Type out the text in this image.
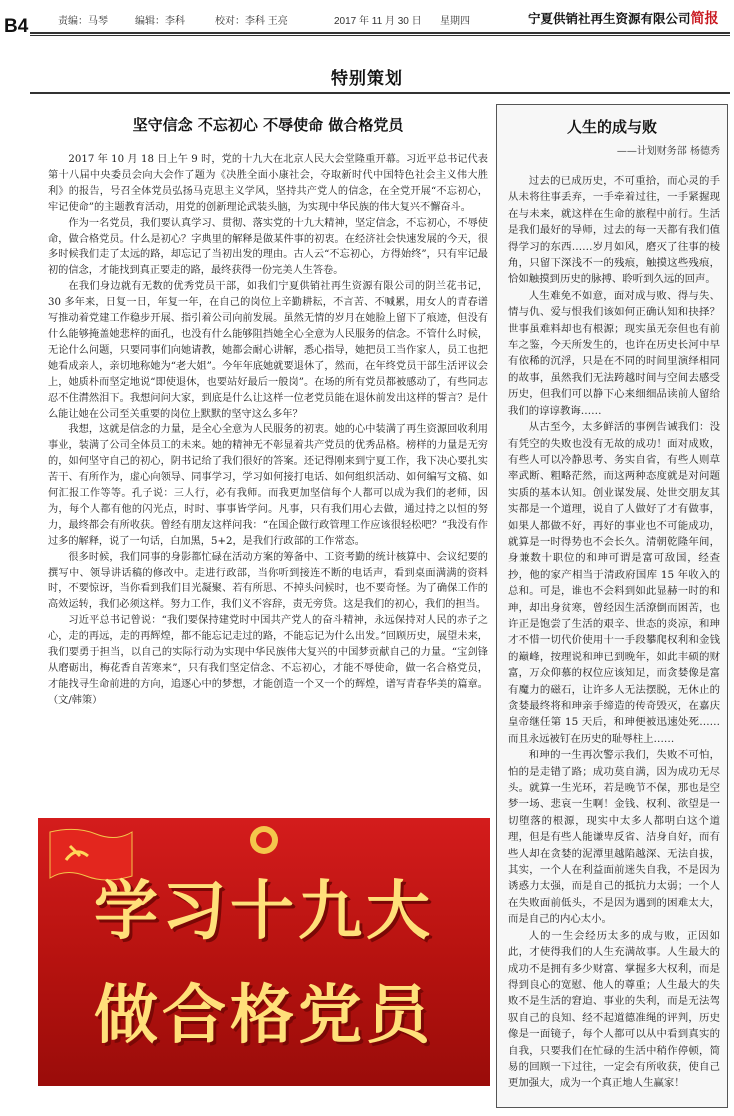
B4	责编：马琴	编辑：李科	校对：李科 王亮	2017 年 11 月 30 日 星期四	宁夏供销社再生资源有限公司简报
特别策划
坚守信念 不忘初心 不辱使命 做合格党员

2017 年 10 月 18 日上午 9 时，党的十九大在北京人民大会堂隆重开幕。习近平总书记代表第十八届中央委员会向大会作了题为《决胜全面小康社会，夺取新时代中国特色社会主义伟大胜利》的报告，号召全体党员弘扬马克思主义学风，坚持共产党人的信念，在全党开展“不忘初心，牢记使命”的主题教育活动，用党的创新理论武装头脑，为实现中华民族的伟大复兴不懈奋斗。

作为一名党员，我们要认真学习、贯彻、落实党的十九大精神，坚定信念，不忘初心，不辱使命，做合格党员。什么是初心？字典里的解释是做某件事的初衷。在经济社会快速发展的今天，很多时候我们走了太远的路，却忘记了当初出发的理由。古人云“不忘初心，方得始终”，只有牢记最初的信念，才能找到真正要走的路，最终获得一份完美人生答卷。

在我们身边就有无数的优秀党员干部，如我们宁夏供销社再生资源有限公司的阴兰花书记，30 多年来，日复一日，年复一年，在自己的岗位上辛勤耕耘，不言苦、不喊累，用女人的青春谱写推动着党建工作稳步开展、指引着公司向前发展。虽然无情的岁月在她脸上留下了痕迹，但没有什么能够掩盖她悲梓的面孔，也没有什么能够阻挡她全心全意为人民服务的信念。不管什么时候，无论什么问题，只要同事们向她请教，她都会耐心讲解，悉心指导，她把员工当作家人，员工也把她看成亲人，亲切地称她为“老大姐”。今年年底她就要退休了，然而，在年终党员干部生活评议会上，她质朴而坚定地说“即使退休，也要站好最后一般岗”。在场的所有党员都被感动了，有些同志忍不住潸然泪下。我想问问大家，到底是什么让这样一位老党员能在退休前发出这样的誓言？是什么能让她在公司至关重要的岗位上默默的坚守这么多年？

我想，这就是信念的力量，是全心全意为人民服务的初衷。她的心中装满了再生资源回收利用事业，装满了公司全体员工的未来。她的精神无不彰显着共产党员的优秀品格。榜样的力量是无穷的，如何坚守自己的初心，阴书记给了我们很好的答案。还记得刚来到宁夏工作，我下决心要扎实苦干、有所作为，虚心向领导、同事学习，学习如何接打电话、如何组织活动、如何编写文稿、如何汇报工作等等。孔子说：三人行，必有我师。而我更加坚信每个人都可以成为我们的老师，因为，每个人都有他的闪光点，时时、事事皆学问。凡事，只有我们用心去做，通过持之以恒的努力，最终都会有所收获。曾经有朋友这样问我：“在国企做行政管理工作应该很轻松吧？”我没有作过多的解释，说了一句话，白加黑，5+2，是我们行政部的工作常态。

很多时候，我们同事的身影都忙碌在活动方案的筹备中、工资考勤的统计核算中、会议纪要的撰写中、领导讲话稿的修改中。走进行政部，当你听到接连不断的电话声，看到桌面满满的资料时，不要惊讶，当你看到我们目光凝聚、若有所思、不掉头问候时，也不要奇怪。为了确保工作的高效运转，我们必须这样。努力工作，我们义不容辞，责无旁贷。这是我们的初心，我们的担当。

习近平总书记曾说：“我们要保持建党时中国共产党人的奋斗精神，永远保持对人民的赤子之心，走的再远，走的再辉煌，都不能忘记走过的路，不能忘记为什么出发。”回顾历史，展望未来，我们要勇于担当，以自己的实际行动为实现中华民族伟大复兴的中国梦贡献自己的力量。“宝剑锋从磨砺出，梅花香自苦寒来”，只有我们坚定信念、不忘初心，才能不辱使命，做一名合格党员，才能找寻生命前进的方向，追逐心中的梦想，才能创造一个又一个的辉煌，谱写青春华美的篇章。（文/韩策）

学习十九大
做合格党员
人生的成与败
——计划财务部 杨德秀

过去的已成历史，不可重拾，而心灵的手从未将往事丢弃，一手牵着过往，一手紧握现在与未来，就这样在生命的旅程中前行。生活是我们最好的导师，过去的每一天都有我们值得学习的东西……岁月如风，磨灭了往事的棱角，只留下深浅不一的残痕，触摸这些残痕，恰如触摸到历史的脉搏、聆听到久远的回声。

人生难免不如意，面对成与败、得与失、情与仇、爱与恨我们该如何正确认知和抉择？世事虽难料却也有根源；现实虽无奈但也有前车之鉴，今天所发生的，也许在历史长河中早有依稀的沉浮，只是在不同的时间里演绎相同的故事，虽然我们无法跨越时间与空间去感受历史，但我们可以静下心来细细品读前人留给我们的谆谆教诲……

从古至今，太多鲜活的事例告诫我们：没有凭空的失败也没有无故的成功！面对成败，有些人可以冷静思考、务实自省，有些人则草率武断、粗略茫然，而这两种态度就是对问题实质的基本认知。创业谋发展、处世交朋友其实都是一个道理，说自了人做好了才有做事，如果人都做不好，再好的事业也不可能成功，就算是一时得势也不会长久。清朝乾隆年间，身兼数十职位的和珅可谓是富可敌国，经查抄，他的家产相当于清政府国库 15 年收入的总和。可是，谁也不会料到如此显赫一时的和珅，却出身贫寒，曾经因生活潦倒而困苦，也许正是饱尝了生活的艰辛、世态的炎凉，和珅才不惜一切代价使用十一手段攀爬权利和金钱的巅峰，按理说和珅已到晚年，如此丰硕的财富，万众仰慕的权位应该知足，而贪婪像是富有魔力的磁石，让许多人无法摆脱，无休止的贪婪最终将和珅亲手缔造的传奇毁灭，在嘉庆皇帝继任第 15 天后，和珅便被迅速处死……而且永远被钉在历史的耻辱柱上……

和珅的一生再次警示我们，失败不可怕，怕的是走错了路；成功莫自满，因为成功无尽头。就算一生光环，若是晚节不保，那也是空梦一场、悲哀一生啊！金钱、权利、欲望是一切堕落的根源，现实中太多人都明白这个道理，但是有些人能谦卑反省、洁身自好，而有些人却在贪婪的泥潭里越陷越深、无法自拔，其实，一个人在利益面前迷失自我，不是因为诱惑力太强，而是自己的抵抗力太弱；一个人在失败面前低头，不是因为遇到的困难太大，而是自己的内心太小。

人的一生会经历太多的成与败，正因如此，才使得我们的人生充满故事。人生最大的成功不是拥有多少财富、掌握多大权利，而是得到良心的宽慰、他人的尊重；人生最大的失败不是生活的窘迫、事业的失利，而是无法驾驭自己的良知、经不起道德准绳的评判，历史像是一面镜子，每个人都可以从中看到真实的自我，只要我们在忙碌的生活中稍作停顿，简易的回顾一下过往，一定会有所收获，使自己更加强大，成为一个真正地人生赢家！
